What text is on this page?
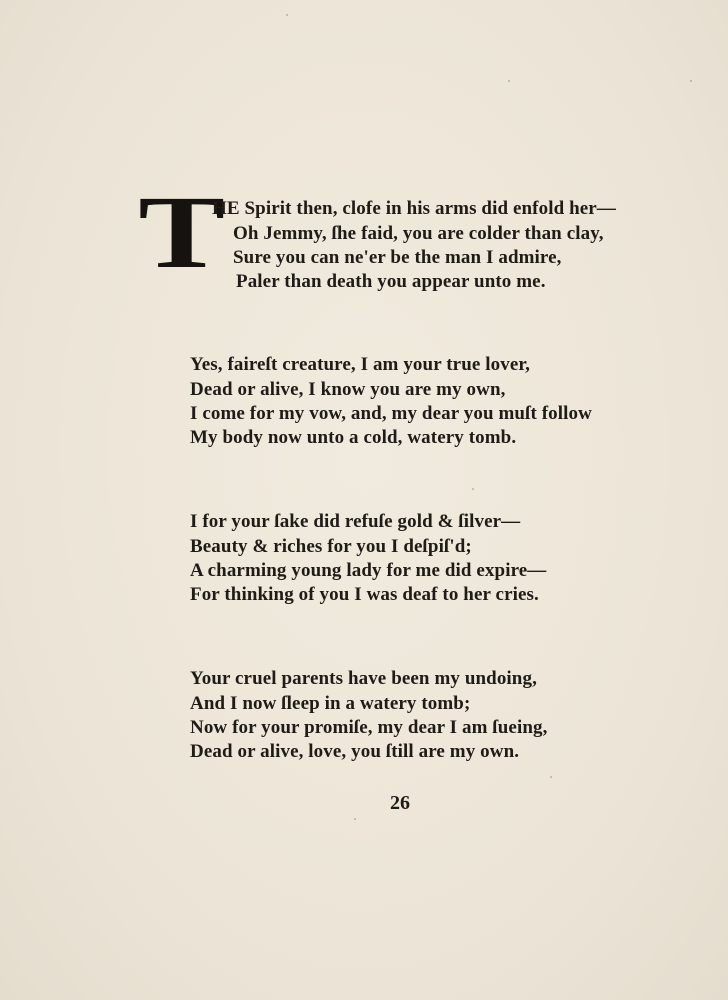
T
HE Spirit then, clofe in his arms did enfold her—
Oh Jemmy, ſhe faid, you are colder than clay,
Sure you can ne'er be the man I admire,
Paler than death you appear unto me.
Yes, faireſt creature, I am your true lover,
Dead or alive, I know you are my own,
I come for my vow, and, my dear you muſt follow
My body now unto a cold, watery tomb.
I for your ſake did refuſe gold & ſilver—
Beauty & riches for you I deſpiſ'd;
A charming young lady for me did expire—
For thinking of you I was deaf to her cries.
Your cruel parents have been my undoing,
And I now ſleep in a watery tomb;
Now for your promiſe, my dear I am ſueing,
Dead or alive, love, you ſtill are my own.
26
